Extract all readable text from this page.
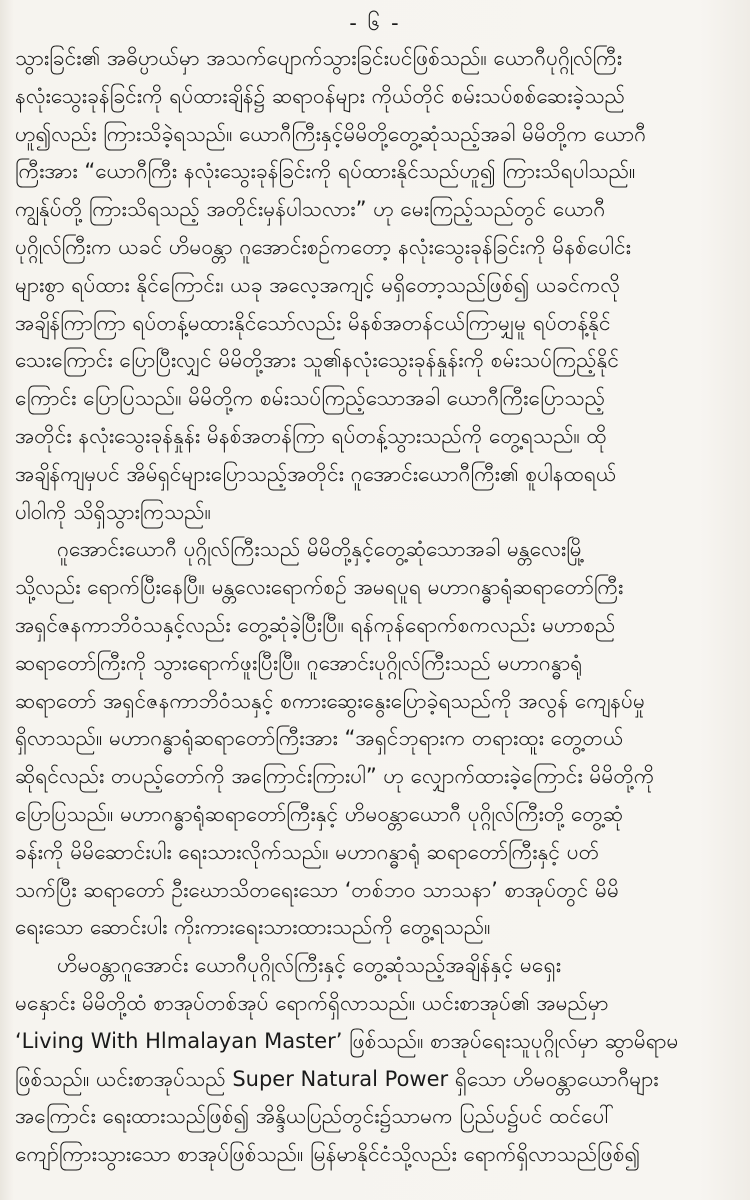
- ၆ -
သွားခြင်း၏ အဓိပ္ပာယ်မှာ အသက်ပျောက်သွားခြင်းပင်ဖြစ်သည်။ ယောဂီပုဂ္ဂိုလ်ကြီး
နလုံးသွေးခုန်ခြင်းကို ရပ်ထားချိန်၌ ဆရာဝန်များ ကိုယ်တိုင် စမ်းသပ်စစ်ဆေးခဲ့သည်
ဟူ၍လည်း ကြားသိခဲ့ရသည်။ ယောဂီကြီးနှင့်မိမိတို့တွေ့ဆုံသည့်အခါ မိမိတို့က ယောဂီ
ကြီးအား “ယောဂီကြီး နလုံးသွေးခုန်ခြင်းကို ရပ်ထားနိုင်သည်ဟူ၍ ကြားသိရပါသည်။
ကျွန်ုပ်တို့ ကြားသိရသည့် အတိုင်းမှန်ပါသလား” ဟု မေးကြည့်သည်တွင် ယောဂီ
ပုဂ္ဂိုလ်ကြီးက ယခင် ဟိမဝန္တာ ဂူအောင်းစဉ်ကတော့ နလုံးသွေးခုန်ခြင်းကို မိနစ်ပေါင်း
များစွာ ရပ်ထား နိုင်ကြောင်း၊ ယခု အလေ့အကျင့် မရှိတော့သည်ဖြစ်၍ ယခင်ကလို
အချိန်ကြာကြာ ရပ်တန့်မထားနိုင်သော်လည်း မိနစ်အတန်ငယ်ကြာမျှမူ ရပ်တန့်နိုင်
သေးကြောင်း ပြောပြီးလျှင် မိမိတို့အား သူ၏နလုံးသွေးခုန်နှုန်းကို စမ်းသပ်ကြည့်နိုင်
ကြောင်း ပြောပြသည်။ မိမိတို့က စမ်းသပ်ကြည့်သောအခါ ယောဂီကြီးပြောသည့်
အတိုင်း နလုံးသွေးခုန်နှုန်း မိနစ်အတန်ကြာ ရပ်တန့်သွားသည်ကို တွေ့ရသည်။ ထို
အချိန်ကျမှပင် အိမ်ရှင်များပြောသည့်အတိုင်း ဂူအောင်းယောဂီကြီး၏ စူပါနထရယ်
ပါဝါကို သိရှိသွားကြသည်။
ဂူအောင်းယောဂီ ပုဂ္ဂိုလ်ကြီးသည် မိမိတို့နှင့်တွေ့ဆုံသောအခါ မန္တလေးမြို့
သို့လည်း ရောက်ပြီးနေပြီ။ မန္တလေးရောက်စဉ် အမရပူရ မဟာဂန္ဓာရုံဆရာတော်ကြီး
အရှင်ဇနကာဘိဝံသနှင့်လည်း တွေ့ဆုံခဲ့ပြီးပြီ။ ရန်ကုန်ရောက်စကလည်း မဟာစည်
ဆရာတော်ကြီးကို သွားရောက်ဖူးပြီးပြီ။ ဂူအောင်းပုဂ္ဂိုလ်ကြီးသည် မဟာဂန္ဓာရုံ
ဆရာတော် အရှင်ဇနကာဘိဝံသနှင့် စကားဆွေးနွေးပြောခဲ့ရသည်ကို အလွန် ကျေနပ်မှု
ရှိလာသည်။ မဟာဂန္ဓာရုံဆရာတော်ကြီးအား “အရှင်ဘုရားက တရားထူး တွေ့တယ်
ဆိုရင်လည်း တပည့်တော်ကို အကြောင်းကြားပါ” ဟု လျှောက်ထားခဲ့ကြောင်း မိမိတို့ကို
ပြောပြသည်။ မဟာဂန္ဓာရုံဆရာတော်ကြီးနှင့် ဟိမဝန္တာယောဂီ ပုဂ္ဂိုလ်ကြီးတို့ တွေ့ဆုံ
ခန်းကို မိမိဆောင်းပါး ရေးသားလိုက်သည်။ မဟာဂန္ဓာရုံ ဆရာတော်ကြီးနှင့် ပတ်
သက်ပြီး ဆရာတော် ဦးဃောသိတရေးသော ‘တစ်ဘဝ သာသနာ’ စာအုပ်တွင် မိမိ
ရေးသော ဆောင်းပါး ကိုးကားရေးသားထားသည်ကို တွေ့ရသည်။
ဟိမဝန္တာဂူအောင်း ယောဂီပုဂ္ဂိုလ်ကြီးနှင့် တွေ့ဆုံသည့်အချိန်နှင့် မရှေး
မနှောင်း မိမိတို့ထံ စာအုပ်တစ်အုပ် ရောက်ရှိလာသည်။ ယင်းစာအုပ်၏ အမည်မှာ
‘Living With Hlmalayan Master’ ဖြစ်သည်။ စာအုပ်ရေးသူပုဂ္ဂိုလ်မှာ ဆွာမိရာမ
ဖြစ်သည်။ ယင်းစာအုပ်သည် Super Natural Power ရှိသော ဟိမဝန္တာယောဂီများ
အကြောင်း ရေးထားသည်ဖြစ်၍ အိန္ဒိယပြည်တွင်း၌သာမက ပြည်ပ၌ပင် ထင်ပေါ်
ကျော်ကြားသွားသော စာအုပ်ဖြစ်သည်။ မြန်မာနိုင်ငံသို့လည်း ရောက်ရှိလာသည်ဖြစ်၍
